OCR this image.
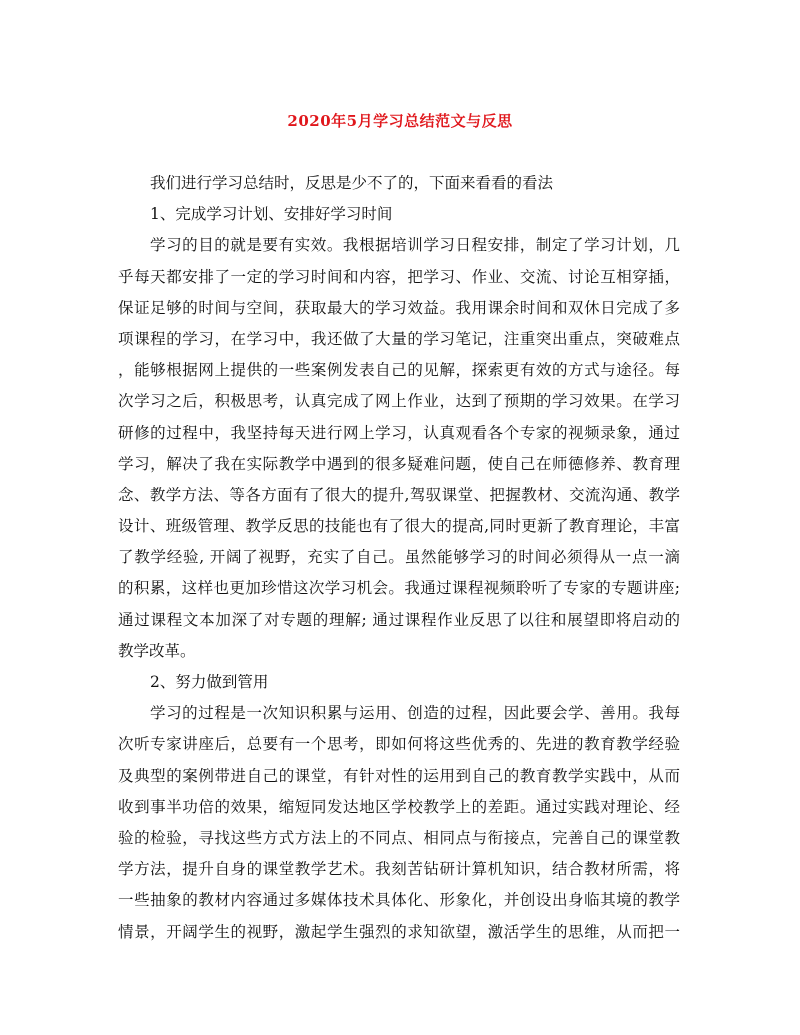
2020年5月学习总结范文与反思
我们进行学习总结时，反思是少不了的，下面来看看的看法
1、完成学习计划、安排好学习时间
学习的目的就是要有实效。我根据培训学习日程安排，制定了学习计划，几
乎每天都安排了一定的学习时间和内容，把学习、作业、交流、讨论互相穿插，
保证足够的时间与空间，获取最大的学习效益。我用课余时间和双休日完成了多
项课程的学习，在学习中，我还做了大量的学习笔记，注重突出重点，突破难点
，能够根据网上提供的一些案例发表自己的见解，探索更有效的方式与途径。每
次学习之后，积极思考，认真完成了网上作业，达到了预期的学习效果。在学习
研修的过程中，我坚持每天进行网上学习，认真观看各个专家的视频录象，通过
学习，解决了我在实际教学中遇到的很多疑难问题，使自己在师德修养、教育理
念、教学方法、等各方面有了很大的提升,驾驭课堂、把握教材、交流沟通、教学
设计、班级管理、教学反思的技能也有了很大的提高,同时更新了教育理论，丰富
了教学经验, 开阔了视野，充实了自己。虽然能够学习的时间必须得从一点一滴
的积累，这样也更加珍惜这次学习机会。我通过课程视频聆听了专家的专题讲座;
通过课程文本加深了对专题的理解; 通过课程作业反思了以往和展望即将启动的
教学改革。
2、努力做到管用
学习的过程是一次知识积累与运用、创造的过程，因此要会学、善用。我每
次听专家讲座后，总要有一个思考，即如何将这些优秀的、先进的教育教学经验
及典型的案例带进自己的课堂，有针对性的运用到自己的教育教学实践中，从而
收到事半功倍的效果，缩短同发达地区学校教学上的差距。通过实践对理论、经
验的检验，寻找这些方式方法上的不同点、相同点与衔接点，完善自己的课堂教
学方法，提升自身的课堂教学艺术。我刻苦钻研计算机知识，结合教材所需，将
一些抽象的教材内容通过多媒体技术具体化、形象化，并创设出身临其境的教学
情景，开阔学生的视野，激起学生强烈的求知欲望，激活学生的思维，从而把一
